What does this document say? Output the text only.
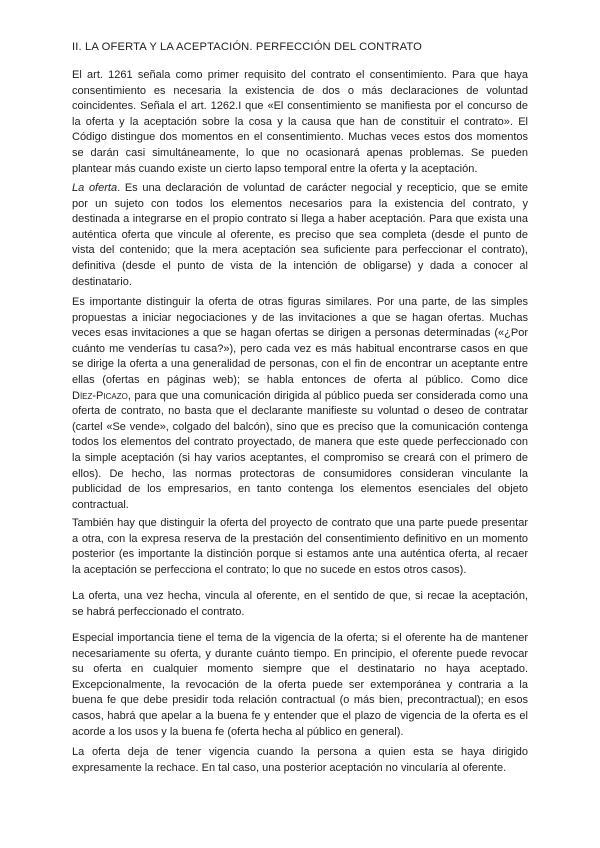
II. LA OFERTA Y LA ACEPTACIÓN. PERFECCIÓN DEL CONTRATO

El art. 1261 señala como primer requisito del contrato el consentimiento. Para que haya
consentimiento es necesaria la existencia de dos o más declaraciones de voluntad
coincidentes. Señala el art. 1262.I que «El consentimiento se manifiesta por el concurso de
la oferta y la aceptación sobre la cosa y la causa que han de constituir el contrato». El
Código distingue dos momentos en el consentimiento. Muchas veces estos dos momentos
se darán casi simultáneamente, lo que no ocasionará apenas problemas. Se pueden
plantear más cuando existe un cierto lapso temporal entre la oferta y la aceptación.

La oferta. Es una declaración de voluntad de carácter negocial y recepticio, que se emite
por un sujeto con todos los elementos necesarios para la existencia del contrato, y
destinada a integrarse en el propio contrato si llega a haber aceptación. Para que exista una
auténtica oferta que vincule al oferente, es preciso que sea completa (desde el punto de
vista del contenido; que la mera aceptación sea suficiente para perfeccionar el contrato),
definitiva (desde el punto de vista de la intención de obligarse) y dada a conocer al
destinatario.

Es importante distinguir la oferta de otras figuras similares. Por una parte, de las simples
propuestas a iniciar negociaciones y de las invitaciones a que se hagan ofertas. Muchas
veces esas invitaciones a que se hagan ofertas se dirigen a personas determinadas («¿Por
cuánto me venderías tu casa?»), pero cada vez es más habitual encontrarse casos en que
se dirige la oferta a una generalidad de personas, con el fin de encontrar un aceptante entre
ellas (ofertas en páginas web); se habla entonces de oferta al público. Como dice
Díez-Picazo, para que una comunicación dirigida al público pueda ser considerada como una
oferta de contrato, no basta que el declarante manifieste su voluntad o deseo de contratar
(cartel «Se vende», colgado del balcón), sino que es preciso que la comunicación contenga
todos los elementos del contrato proyectado, de manera que este quede perfeccionado con
la simple aceptación (si hay varios aceptantes, el compromiso se creará con el primero de
ellos). De hecho, las normas protectoras de consumidores consideran vinculante la
publicidad de los empresarios, en tanto contenga los elementos esenciales del objeto
contractual.

También hay que distinguir la oferta del proyecto de contrato que una parte puede presentar
a otra, con la expresa reserva de la prestación del consentimiento definitivo en un momento
posterior (es importante la distinción porque si estamos ante una auténtica oferta, al recaer
la aceptación se perfecciona el contrato; lo que no sucede en estos otros casos).

La oferta, una vez hecha, vincula al oferente, en el sentido de que, si recae la aceptación,
se habrá perfeccionado el contrato.

Especial importancia tiene el tema de la vigencia de la oferta; si el oferente ha de mantener
necesariamente su oferta, y durante cuánto tiempo. En principio, el oferente puede revocar
su oferta en cualquier momento siempre que el destinatario no haya aceptado.
Excepcionalmente, la revocación de la oferta puede ser extemporánea y contraria a la
buena fe que debe presidir toda relación contractual (o más bien, precontractual); en esos
casos, habrá que apelar a la buena fe y entender que el plazo de vigencia de la oferta es el
acorde a los usos y la buena fe (oferta hecha al público en general).

La oferta deja de tener vigencia cuando la persona a quien esta se haya dirigido
expresamente la rechace. En tal caso, una posterior aceptación no vincularía al oferente.
